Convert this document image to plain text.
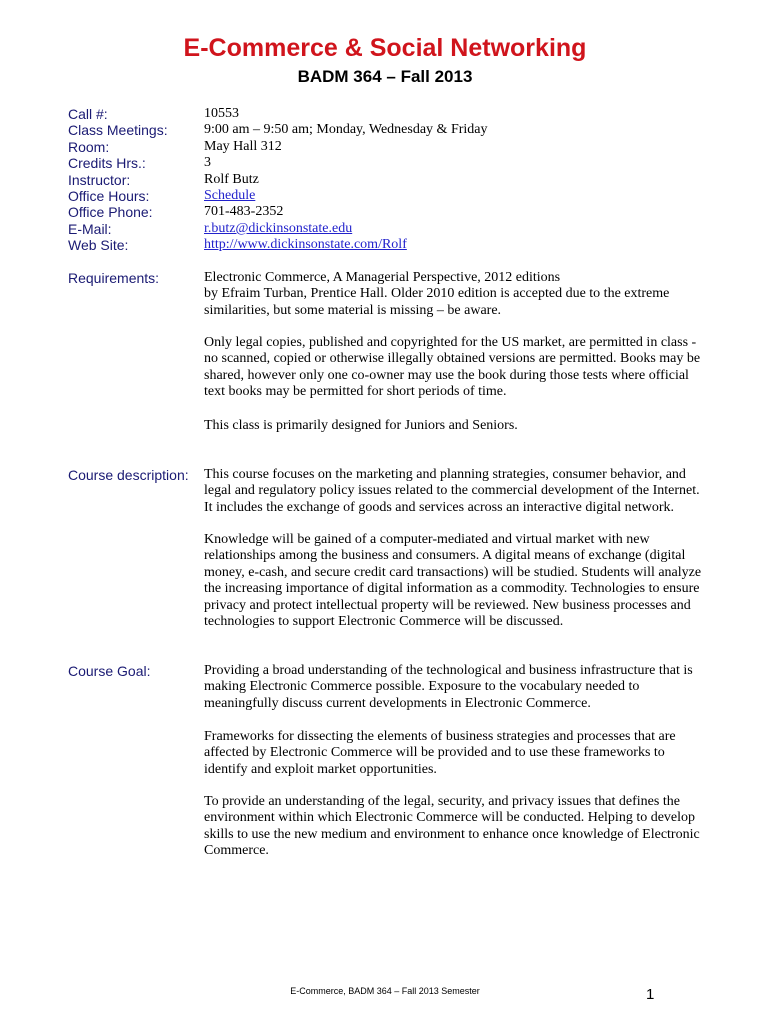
E-Commerce & Social Networking
BADM 364 – Fall 2013
Call #:	10553
Class Meetings:	9:00 am – 9:50 am; Monday, Wednesday & Friday
Room:	May Hall 312
Credits Hrs.:	3
Instructor:	Rolf Butz
Office Hours:	Schedule
Office Phone:	701-483-2352
E-Mail:	r.butz@dickinsonstate.edu
Web Site:	http://www.dickinsonstate.com/Rolf
Requirements:	Electronic Commerce, A Managerial Perspective, 2012 editions
by Efraim Turban, Prentice Hall. Older 2010 edition is accepted due to the extreme
similarities, but some material is missing – be aware.
Only legal copies, published and copyrighted for the US market, are permitted in class -
no scanned, copied or otherwise illegally obtained versions are permitted. Books may be
shared, however only one co-owner may use the book during those tests where official
text books may be permitted for short periods of time.
This class is primarily designed for Juniors and Seniors.
Course description: This course focuses on the marketing and planning strategies, consumer behavior, and
legal and regulatory policy issues related to the commercial development of the Internet.
It includes the exchange of goods and services across an interactive digital network.
Knowledge will be gained of a computer-mediated and virtual market with new
relationships among the business and consumers. A digital means of exchange (digital
money, e-cash, and secure credit card transactions) will be studied. Students will analyze
the increasing importance of digital information as a commodity. Technologies to ensure
privacy and protect intellectual property will be reviewed. New business processes and
technologies to support Electronic Commerce will be discussed.
Course Goal:	Providing a broad understanding of the technological and business infrastructure that is
making Electronic Commerce possible. Exposure to the vocabulary needed to
meaningfully discuss current developments in Electronic Commerce.
Frameworks for dissecting the elements of business strategies and processes that are
affected by Electronic Commerce will be provided and to use these frameworks to
identify and exploit market opportunities.
To provide an understanding of the legal, security, and privacy issues that defines the
environment within which Electronic Commerce will be conducted. Helping to develop
skills to use the new medium and environment to enhance once knowledge of Electronic
Commerce.
E-Commerce, BADM 364 – Fall 2013 Semester	1
